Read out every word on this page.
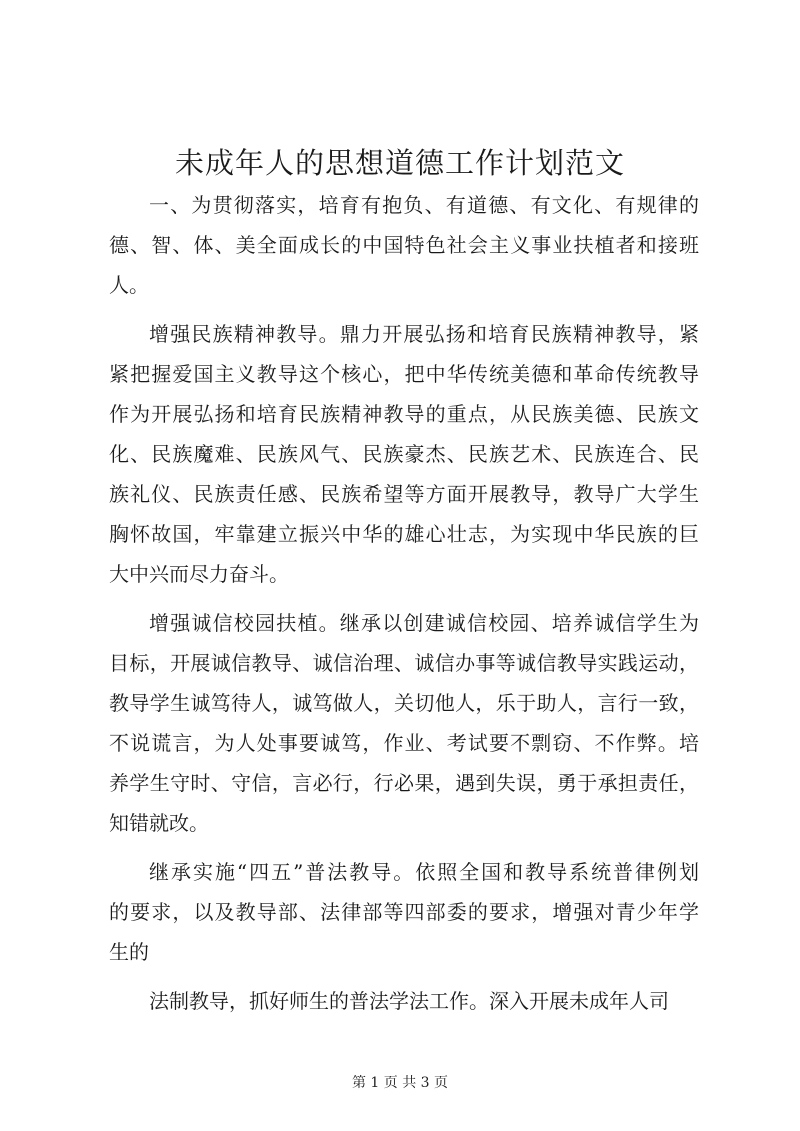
未成年人的思想道德工作计划范文
一、为贯彻落实，培育有抱负、有道德、有文化、有规律的
德、智、体、美全面成长的中国特色社会主义事业扶植者和接班
人。
增强民族精神教导。鼎力开展弘扬和培育民族精神教导，紧
紧把握爱国主义教导这个核心，把中华传统美德和革命传统教导
作为开展弘扬和培育民族精神教导的重点，从民族美德、民族文
化、民族魔难、民族风气、民族豪杰、民族艺术、民族连合、民
族礼仪、民族责任感、民族希望等方面开展教导，教导广大学生
胸怀故国，牢靠建立振兴中华的雄心壮志，为实现中华民族的巨
大中兴而尽力奋斗。
增强诚信校园扶植。继承以创建诚信校园、培养诚信学生为
目标，开展诚信教导、诚信治理、诚信办事等诚信教导实践运动，
教导学生诚笃待人，诚笃做人，关切他人，乐于助人，言行一致，
不说谎言，为人处事要诚笃，作业、考试要不剽窃、不作弊。培
养学生守时、守信，言必行，行必果，遇到失误，勇于承担责任，
知错就改。
继承实施“四五”普法教导。依照全国和教导系统普律例划
的要求，以及教导部、法律部等四部委的要求，增强对青少年学
生的
法制教导，抓好师生的普法学法工作。深入开展未成年人司
第 1 页 共 3 页
